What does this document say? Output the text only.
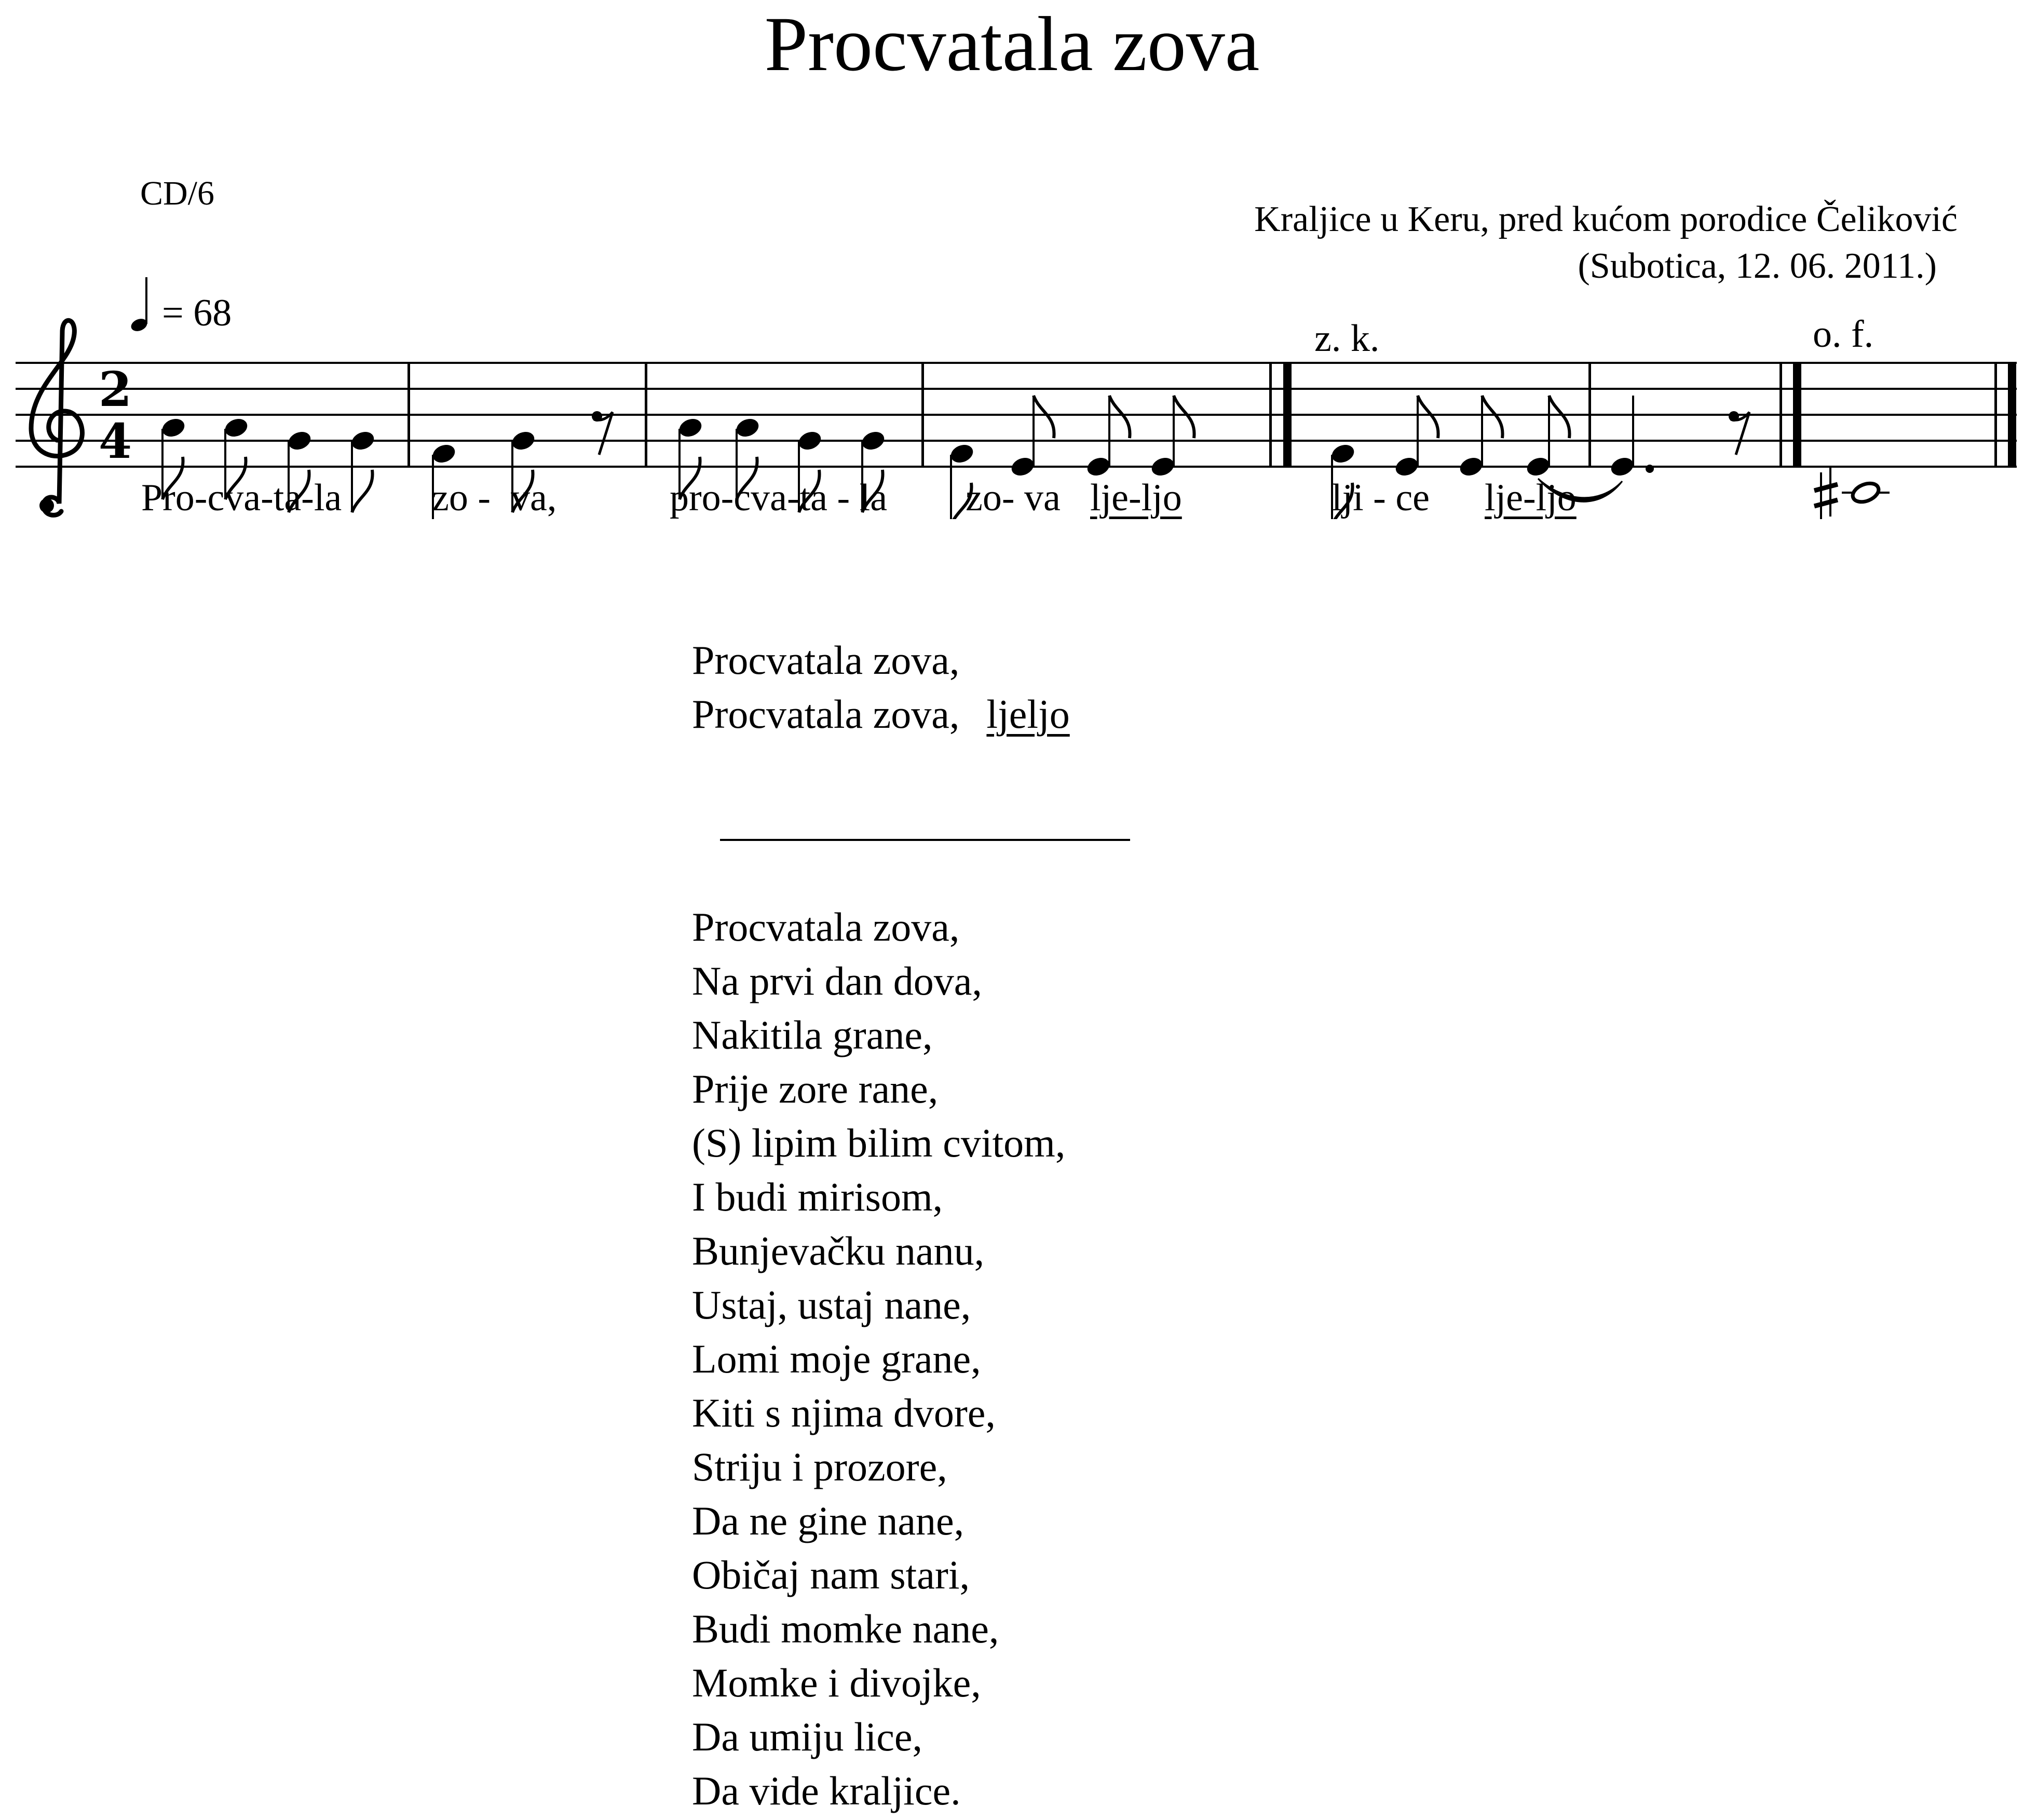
Procvatala zova
CD/6
Kraljice u Keru, pred kućom porodice Čeliković
(Subotica, 12. 06. 2011.)
= 68
z. k.	o. f.
2
4
Pro-cva-ta-la zo - va,	pro-cva-ta - la zo- va lje-ljo	lji - ce lje-ljo
Procvatala zova,
Procvatala zova, ljeljo
Procvatala zova,
Na prvi dan dova,
Nakitila grane,
Prije zore rane,
(S) lipim bilim cvitom,
I budi mirisom,
Bunjevačku nanu,
Ustaj, ustaj nane,
Lomi moje grane,
Kiti s njima dvore,
Striju i prozore,
Da ne gine nane,
Običaj nam stari,
Budi momke nane,
Momke i divojke,
Da umiju lice,
Da vide kraljice.
